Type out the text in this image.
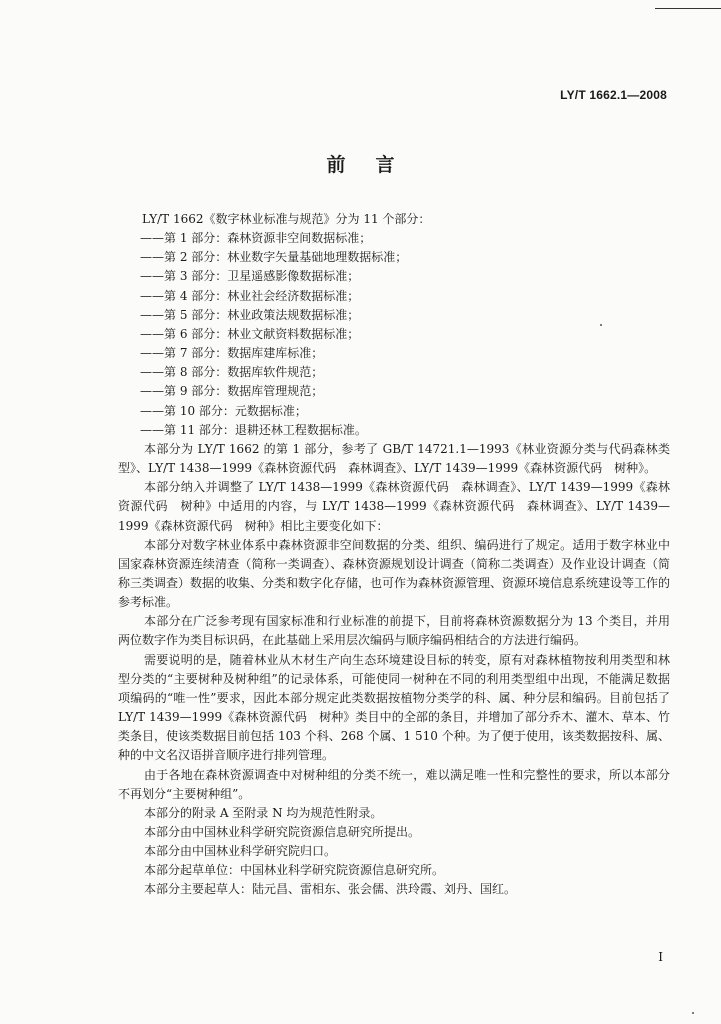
LY/T 1662.1—2008
前言
LY/T 1662《数字林业标准与规范》分为 11 个部分：
——第 1 部分：森林资源非空间数据标准；
——第 2 部分：林业数字矢量基础地理数据标准；
——第 3 部分：卫星遥感影像数据标准；
——第 4 部分：林业社会经济数据标准；
——第 5 部分：林业政策法规数据标准；
——第 6 部分：林业文献资料数据标准；
——第 7 部分：数据库建库标准；
——第 8 部分：数据库软件规范；
——第 9 部分：数据库管理规范；
——第 10 部分：元数据标准；
——第 11 部分：退耕还林工程数据标准。

本部分为 LY/T 1662 的第 1 部分，参考了 GB/T 14721.1—1993《林业资源分类与代码森林类型》、LY/T 1438—1999《森林资源代码　森林调查》、LY/T 1439—1999《森林资源代码　树种》。

本部分纳入并调整了 LY/T 1438—1999《森林资源代码　森林调查》、LY/T 1439—1999《森林资源代码　树种》中适用的内容，与 LY/T 1438—1999《森林资源代码　森林调查》、LY/T 1439—1999《森林资源代码　树种》相比主要变化如下：

本部分对数字林业体系中森林资源非空间数据的分类、组织、编码进行了规定。适用于数字林业中国家森林资源连续清查（简称一类调查）、森林资源规划设计调查（简称二类调查）及作业设计调查（简称三类调查）数据的收集、分类和数字化存储，也可作为森林资源管理、资源环境信息系统建设等工作的参考标准。

本部分在广泛参考现有国家标准和行业标准的前提下，目前将森林资源数据分为 13 个类目，并用两位数字作为类目标识码，在此基础上采用层次编码与顺序编码相结合的方法进行编码。

需要说明的是，随着林业从木材生产向生态环境建设目标的转变，原有对森林植物按利用类型和林型分类的“主要树种及树种组”的记录体系，可能使同一树种在不同的利用类型组中出现，不能满足数据项编码的“唯一性”要求，因此本部分规定此类数据按植物分类学的科、属、种分层和编码。目前包括了 LY/T 1439—1999《森林资源代码　树种》类目中的全部的条目，并增加了部分乔木、灌木、草本、竹类条目，使该类数据目前包括 103 个科、268 个属、1 510 个种。为了便于使用，该类数据按科、属、种的中文名汉语拼音顺序进行排列管理。

由于各地在森林资源调查中对树种组的分类不统一，难以满足唯一性和完整性的要求，所以本部分不再划分“主要树种组”。

本部分的附录 A 至附录 N 均为规范性附录。

本部分由中国林业科学研究院资源信息研究所提出。

本部分由中国林业科学研究院归口。

本部分起草单位：中国林业科学研究院资源信息研究所。

本部分主要起草人：陆元昌、雷相东、张会儒、洪玲霞、刘丹、国红。

I
